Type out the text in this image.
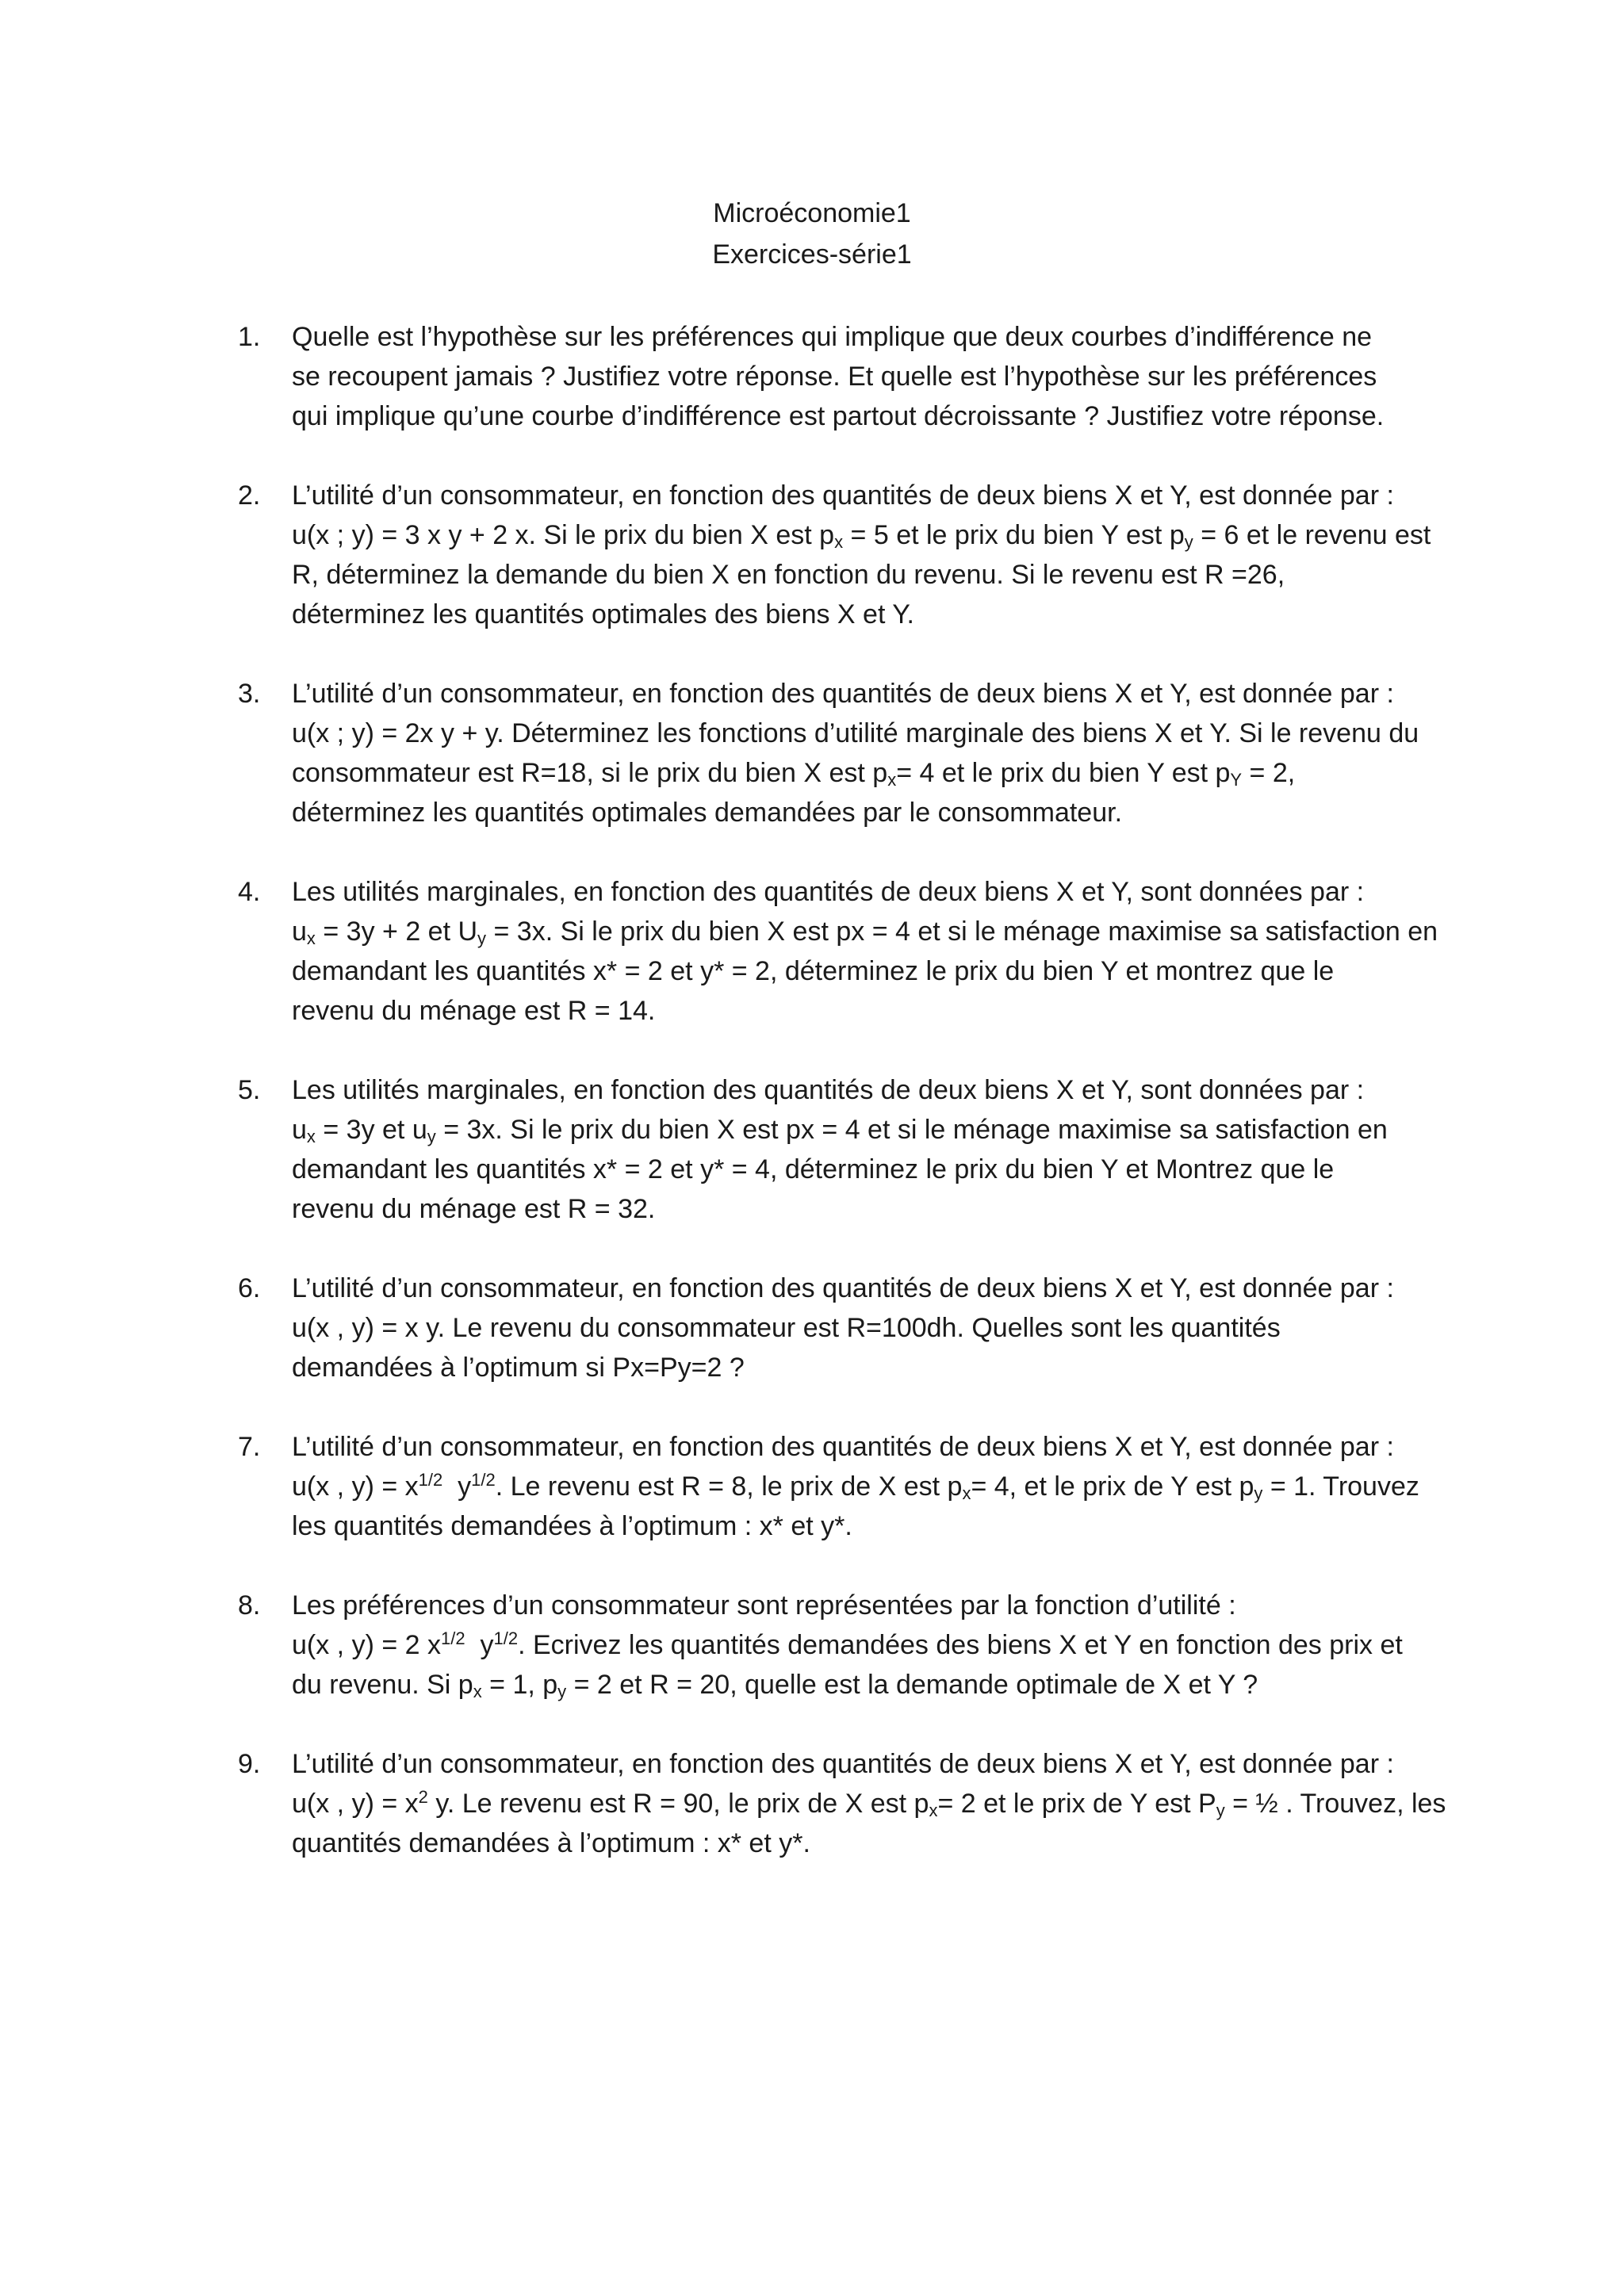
Microéconomie1
Exercices-série1
1. Quelle est l’hypothèse sur les préférences qui implique que deux courbes d’indifférence ne
se recoupent jamais ? Justifiez votre réponse. Et quelle est l’hypothèse sur les préférences
qui implique qu’une courbe d’indifférence est partout décroissante ? Justifiez votre réponse.
2. L’utilité d’un consommateur, en fonction des quantités de deux biens X et Y, est donnée par :
u(x ; y) = 3 x y + 2 x. Si le prix du bien X est $p_x = 5$ et le prix du bien Y est $p_y = 6$ et le revenu est
R, déterminez la demande du bien X en fonction du revenu. Si le revenu est R =26,
déterminez les quantités optimales des biens X et Y.
3. L’utilité d’un consommateur, en fonction des quantités de deux biens X et Y, est donnée par :
u(x ; y) = 2x y + y. Déterminez les fonctions d’utilité marginale des biens X et Y. Si le revenu du
consommateur est R=18, si le prix du bien X est $p_x= 4$ et le prix du bien Y est $p_Y = 2$,
déterminez les quantités optimales demandées par le consommateur.
4. Les utilités marginales, en fonction des quantités de deux biens X et Y, sont données par :
$u_x = 3y + 2$ et $U_y = 3x$. Si le prix du bien X est px = 4 et si le ménage maximise sa satisfaction en
demandant les quantités x* = 2 et y* = 2, déterminez le prix du bien Y et montrez que le
revenu du ménage est R = 14.
5. Les utilités marginales, en fonction des quantités de deux biens X et Y, sont données par :
$u_x = 3y$ et $u_y = 3x$. Si le prix du bien X est px = 4 et si le ménage maximise sa satisfaction en
demandant les quantités x* = 2 et y* = 4, déterminez le prix du bien Y et Montrez que le
revenu du ménage est R = 32.
6. L’utilité d’un consommateur, en fonction des quantités de deux biens X et Y, est donnée par :
u(x , y) = x y. Le revenu du consommateur est R=100dh. Quelles sont les quantités
demandées à l’optimum si Px=Py=2 ?
7. L’utilité d’un consommateur, en fonction des quantités de deux biens X et Y, est donnée par :
u(x , $y) = x^{1/2}$  $y^{1/2}$. Le revenu est R = 8, le prix de X est $p_x= 4$, et le prix de Y est $p_y = 1$. Trouvez
les quantités demandées à l’optimum : x* et y*.
8. Les préférences d’un consommateur sont représentées par la fonction d’utilité :
u(x , y) = 2 $x^{1/2}$  $y^{1/2}$. Ecrivez les quantités demandées des biens X et Y en fonction des prix et
du revenu. Si $p_x = 1$, $p_y = 2$ et R = 20, quelle est la demande optimale de X et Y ?
9. L’utilité d’un consommateur, en fonction des quantités de deux biens X et Y, est donnée par :
u(x , $y) = x^2$ y. Le revenu est R = 90, le prix de X est $p_x= 2$ et le prix de Y est $P_y$ = ½ . Trouvez, les
quantités demandées à l’optimum : x* et y*.
